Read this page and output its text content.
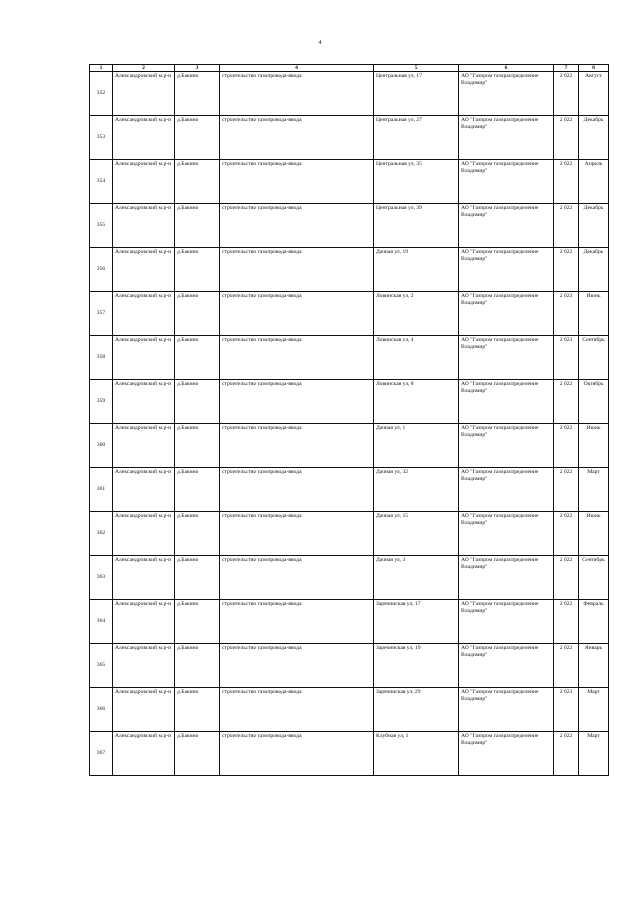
4
1	2	3	4	5	6	7	8
352	Александровский м.р-н	д.Бакино	строительство газопровода-ввода	Центральная ул, 17	АО "Газпром газораспределение Владимир"	2 022	Август
353	Александровский м.р-н	д.Бакино	строительство газопровода-ввода	Центральная ул, 27	АО "Газпром газораспределение Владимир"	2 022	Декабрь
354	Александровский м.р-н	д.Бакино	строительство газопровода-ввода	Центральная ул, 35	АО "Газпром газораспределение Владимир"	2 022	Апрель
355	Александровский м.р-н	д.Бакино	строительство газопровода-ввода	Центральная ул, 39	АО "Газпром газораспределение Владимир"	2 022	Декабрь
356	Александровский м.р-н	д.Бакино	строительство газопровода-ввода	Дачная ул, 19	АО "Газпром газораспределение Владимир"	2 022	Декабрь
357	Александровский м.р-н	д.Бакино	строительство газопровода-ввода	Ловинская ул, 2	АО "Газпром газораспределение Владимир"	2 023	Июнь
358	Александровский м.р-н	д.Бакино	строительство газопровода-ввода	Ловинская ул, 4	АО "Газпром газораспределение Владимир"	2 023	Сентябрь
359	Александровский м.р-н	д.Бакино	строительство газопровода-ввода	Ловинская ул, 8	АО "Газпром газораспределение Владимир"	2 022	Октябрь
360	Александровский м.р-н	д.Бакино	строительство газопровода-ввода	Дачная ул, 1	АО "Газпром газораспределение Владимир"	2 022	Июнь
361	Александровский м.р-н	д.Бакино	строительство газопровода-ввода	Дачная ул, 32	АО "Газпром газораспределение Владимир"	2 022	Март
362	Александровский м.р-н	д.Бакино	строительство газопровода-ввода	Дачная ул, 15	АО "Газпром газораспределение Владимир"	2 022	Июнь
363	Александровский м.р-н	д.Бакино	строительство газопровода-ввода	Дачная ул, 3	АО "Газпром газораспределение Владимир"	2 022	Сентябрь
364	Александровский м.р-н	д.Бакино	строительство газопровода-ввода	Заречинская ул, 17	АО "Газпром газораспределение Владимир"	2 022	Февраль
365	Александровский м.р-н	д.Бакино	строительство газопровода-ввода	Заречинская ул, 19	АО "Газпром газораспределение Владимир"	2 022	Январь
366	Александровский м.р-н	д.Бакино	строительство газопровода-ввода	Заречинская ул, 29	АО "Газпром газораспределение Владимир"	2 023	Март
367	Александровский м.р-н	д.Бакино	строительство газопровода-ввода	Клубная ул, 1	АО "Газпром газораспределение Владимир"	2 022	Март
